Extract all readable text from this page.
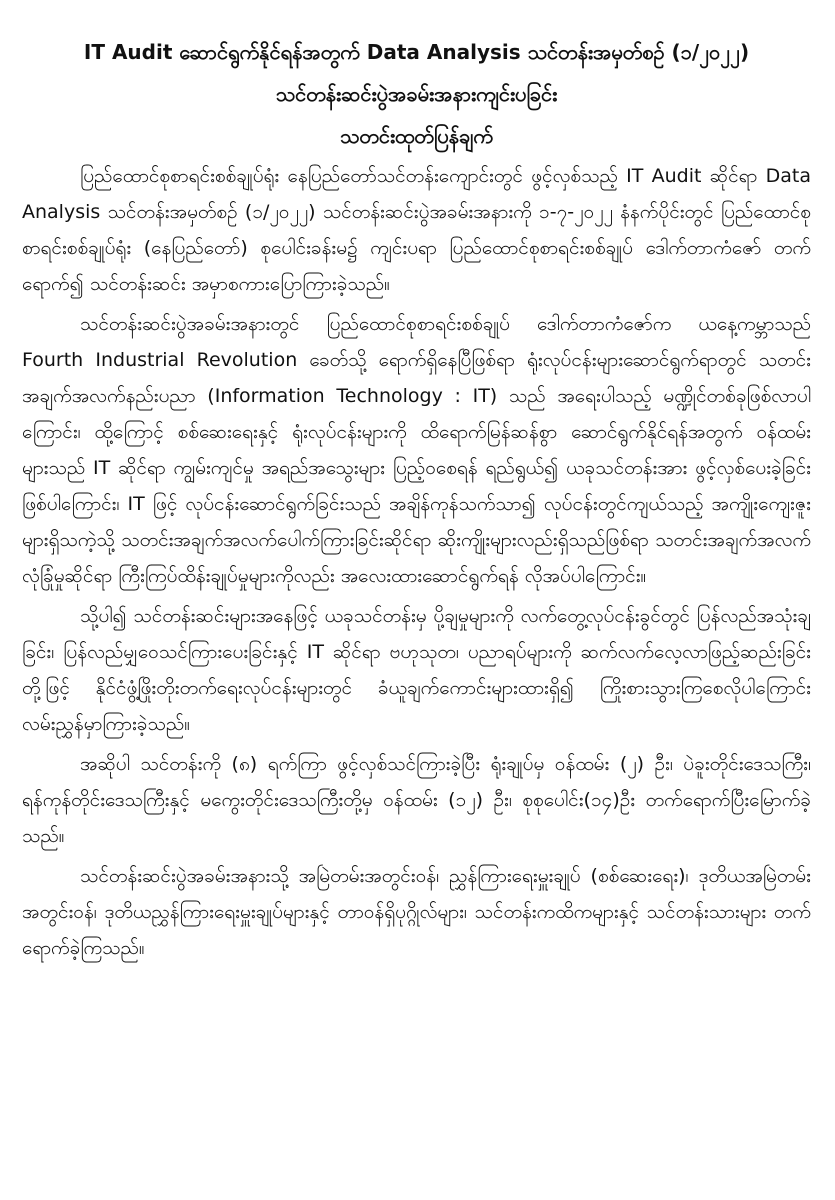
IT Audit ဆောင်ရွက်နိုင်ရန်အတွက် Data Analysis သင်တန်းအမှတ်စဉ် (၁/၂၀၂၂)
သင်တန်းဆင်းပွဲအခမ်းအနားကျင်းပခြင်း
သတင်းထုတ်ပြန်ချက်

ပြည်ထောင်စုစာရင်းစစ်ချုပ်ရုံး နေပြည်တော်သင်တန်းကျောင်းတွင် ဖွင့်လှစ်သည့် IT Audit ဆိုင်ရာ Data Analysis သင်တန်းအမှတ်စဉ် (၁/၂၀၂၂) သင်တန်းဆင်းပွဲအခမ်းအနားကို ၁-၇-၂၀၂၂ နံနက်ပိုင်းတွင် ပြည်ထောင်စုစာရင်းစစ်ချုပ်ရုံး (နေပြည်တော်) စုပေါင်းခန်းမ၌ ကျင်းပရာ ပြည်ထောင်စုစာရင်းစစ်ချုပ် ဒေါက်တာကံဇော် တက်ရောက်၍ သင်တန်းဆင်း အမှာစကားပြောကြားခဲ့သည်။

သင်တန်းဆင်းပွဲအခမ်းအနားတွင် ပြည်ထောင်စုစာရင်းစစ်ချုပ် ဒေါက်တာကံဇော်က ယနေ့ကမ္ဘာသည် Fourth Industrial Revolution ခေတ်သို့ ရောက်ရှိနေပြီဖြစ်ရာ ရုံးလုပ်ငန်းများဆောင်ရွက်ရာတွင် သတင်းအချက်အလက်နည်းပညာ (Information Technology : IT) သည် အရေးပါသည့် မဏ္ဍိုင်တစ်ခုဖြစ်လာပါကြောင်း၊ ထို့ကြောင့် စစ်ဆေးရေးနှင့် ရုံးလုပ်ငန်းများကို ထိရောက်မြန်ဆန်စွာ ဆောင်ရွက်နိုင်ရန်အတွက် ဝန်ထမ်းများသည် IT ဆိုင်ရာ ကျွမ်းကျင်မှု အရည်အသွေးများ ပြည့်ဝစေရန် ရည်ရွယ်၍ ယခုသင်တန်းအား ဖွင့်လှစ်ပေးခဲ့ခြင်းဖြစ်ပါကြောင်း၊ IT ဖြင့် လုပ်ငန်းဆောင်ရွက်ခြင်းသည် အချိန်ကုန်သက်သာ၍ လုပ်ငန်းတွင်ကျယ်သည့် အကျိုးကျေးဇူးများရှိသကဲ့သို့ သတင်းအချက်အလက်ပေါက်ကြားခြင်းဆိုင်ရာ ဆိုးကျိုးများလည်းရှိသည်ဖြစ်ရာ သတင်းအချက်အလက်လုံခြုံမှုဆိုင်ရာ ကြီးကြပ်ထိန်းချုပ်မှုများကိုလည်း အလေးထားဆောင်ရွက်ရန် လိုအပ်ပါကြောင်း။

သို့ပါ၍ သင်တန်းဆင်းများအနေဖြင့် ယခုသင်တန်းမှ ပို့ချမှုများကို လက်တွေ့လုပ်ငန်းခွင်တွင် ပြန်လည်အသုံးချခြင်း၊ ပြန်လည်မျှဝေသင်ကြားပေးခြင်းနှင့် IT ဆိုင်ရာ ဗဟုသုတ၊ ပညာရပ်များကို ဆက်လက်လေ့လာဖြည့်ဆည်းခြင်းတို့ဖြင့် နိုင်ငံဖွံ့ဖြိုးတိုးတက်ရေးလုပ်ငန်းများတွင် ခံယူချက်ကောင်းများထားရှိ၍ ကြိုးစားသွားကြစေလိုပါကြောင်း လမ်းညွှန်မှာကြားခဲ့သည်။

အဆိုပါ သင်တန်းကို (၈) ရက်ကြာ ဖွင့်လှစ်သင်ကြားခဲ့ပြီး ရုံးချုပ်မှ ဝန်ထမ်း (၂) ဦး၊ ပဲခူးတိုင်းဒေသကြီး၊ ရန်ကုန်တိုင်းဒေသကြီးနှင့် မကွေးတိုင်းဒေသကြီးတို့မှ ဝန်ထမ်း (၁၂) ဦး၊ စုစုပေါင်း(၁၄)ဦး တက်ရောက်ပြီးမြောက်ခဲ့သည်။

သင်တန်းဆင်းပွဲအခမ်းအနားသို့ အမြဲတမ်းအတွင်းဝန်၊ ညွှန်ကြားရေးမှူးချုပ် (စစ်ဆေးရေး)၊ ဒုတိယအမြဲတမ်းအတွင်းဝန်၊ ဒုတိယညွှန်ကြားရေးမှူးချုပ်များနှင့် တာဝန်ရှိပုဂ္ဂိုလ်များ၊ သင်တန်းကထိကများနှင့် သင်တန်းသားများ တက်ရောက်ခဲ့ကြသည်။
